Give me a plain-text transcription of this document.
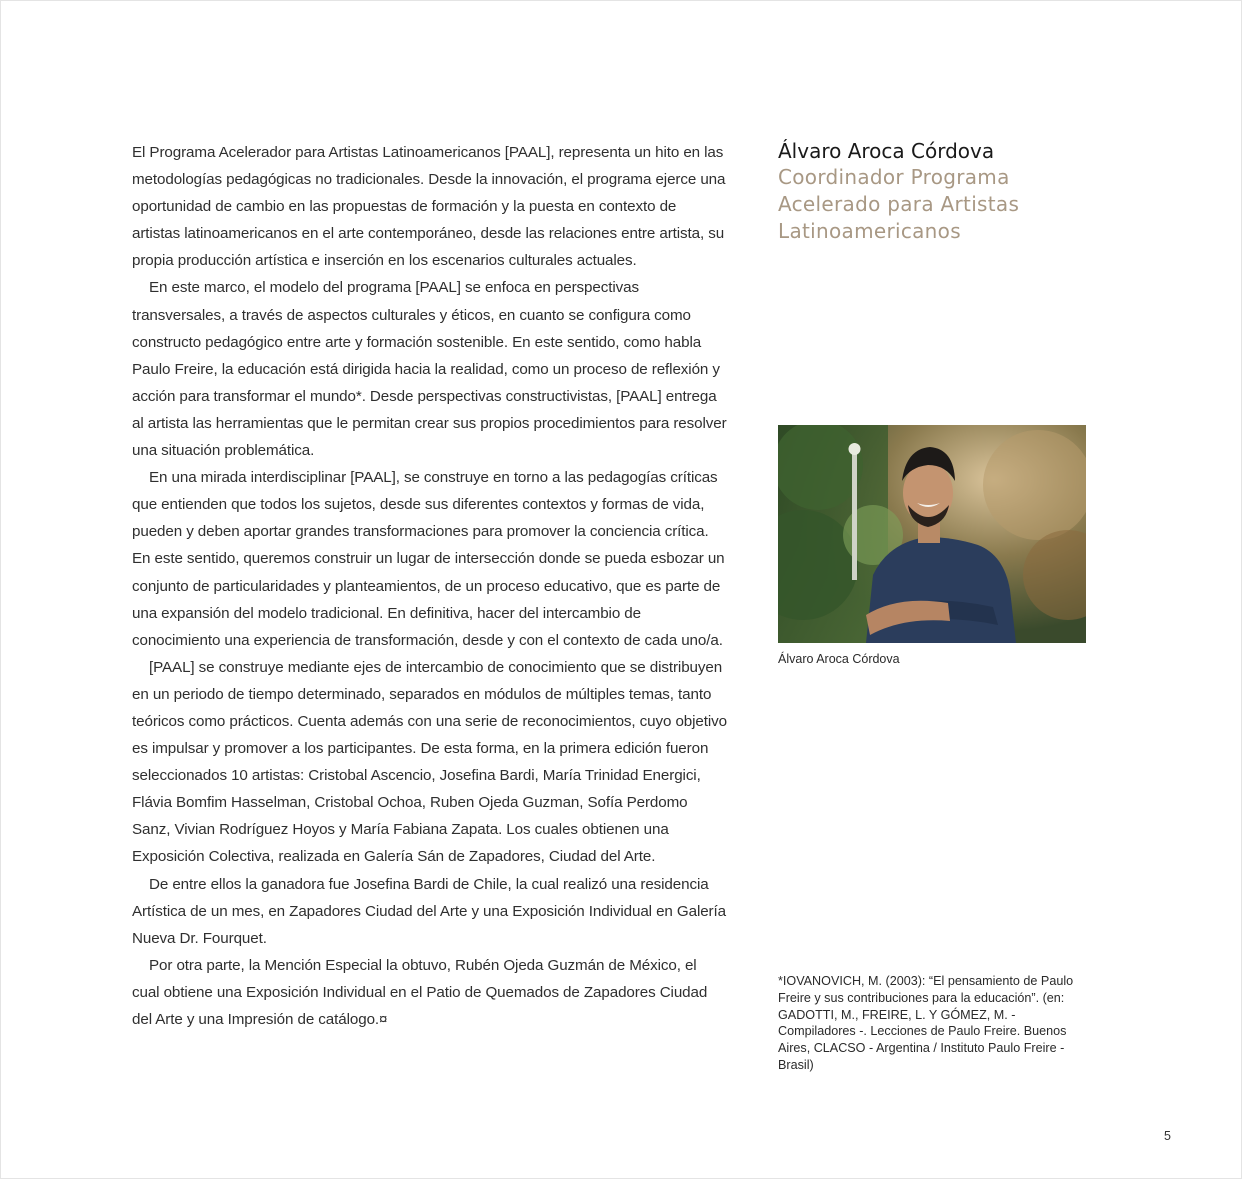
El Programa Acelerador para Artistas Latinoamericanos [PAAL], representa un hito en las metodologías pedagógicas no tradicionales. Desde la innovación, el programa ejerce una oportunidad de cambio en las propuestas de formación y la puesta en contexto de artistas latinoamericanos en el arte contemporáneo, desde las relaciones entre artista, su propia producción artística e inserción en los escenarios culturales actuales.

En este marco, el modelo del programa [PAAL] se enfoca en perspectivas transversales, a través de aspectos culturales y éticos, en cuanto se configura como constructo pedagógico entre arte y formación sostenible. En este sentido, como habla Paulo Freire, la educación está dirigida hacia la realidad, como un proceso de reflexión y acción para transformar el mundo*. Desde perspectivas constructivistas, [PAAL] entrega al artista las herramientas que le permitan crear sus propios procedimientos para resolver una situación problemática.

En una mirada interdisciplinar [PAAL], se construye en torno a las pedagogías críticas que entienden que todos los sujetos, desde sus diferentes contextos y formas de vida, pueden y deben aportar grandes transformaciones para promover la conciencia crítica. En este sentido, queremos construir un lugar de intersección donde se pueda esbozar un conjunto de particularidades y planteamientos, de un proceso educativo, que es parte de una expansión del modelo tradicional. En definitiva, hacer del intercambio de conocimiento una experiencia de transformación, desde y con el contexto de cada uno/a.

[PAAL] se construye mediante ejes de intercambio de conocimiento que se distribuyen en un periodo de tiempo determinado, separados en módulos de múltiples temas, tanto teóricos como prácticos. Cuenta además con una serie de reconocimientos, cuyo objetivo es impulsar y promover a los participantes. De esta forma, en la primera edición fueron seleccionados 10 artistas: Cristobal Ascencio, Josefina Bardi, María Trinidad Energici, Flávia Bomfim Hasselman, Cristobal Ochoa, Ruben Ojeda Guzman, Sofía Perdomo Sanz, Vivian Rodríguez Hoyos y María Fabiana Zapata. Los cuales obtienen una Exposición Colectiva, realizada en Galería Sán de Zapadores, Ciudad del Arte.

De entre ellos la ganadora fue Josefina Bardi de Chile, la cual realizó una residencia Artística de un mes, en Zapadores Ciudad del Arte y una Exposición Individual en Galería Nueva Dr. Fourquet.

Por otra parte, la Mención Especial la obtuvo, Rubén Ojeda Guzmán de México, el cual obtiene una Exposición Individual en el Patio de Quemados de Zapadores Ciudad del Arte y una Impresión de catálogo.¤

Álvaro Aroca Córdova
Coordinador Programa Acelerado para Artistas Latinoamericanos
Álvaro Aroca Córdova
*IOVANOVICH, M. (2003): “El pensamiento de Paulo Freire y sus contribuciones para la educación”. (en: GADOTTI, M., FREIRE, L. Y GÓMEZ, M. - Compiladores -. Lecciones de Paulo Freire. Buenos Aires, CLACSO - Argentina / Instituto Paulo Freire - Brasil)
5
